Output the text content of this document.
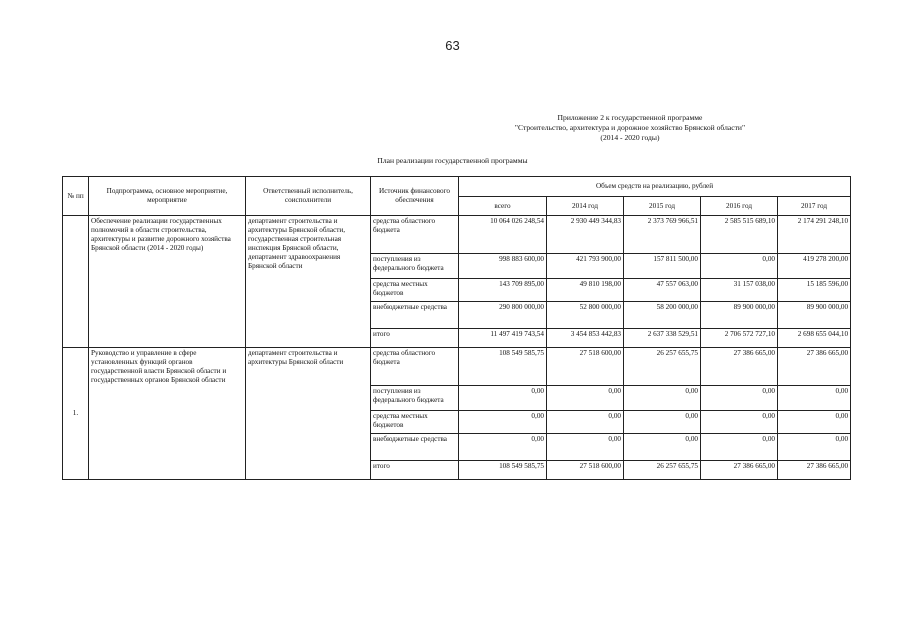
63
Приложение 2 к государственной программе
"Строительство, архитектура и дорожное хозяйство Брянской области"
(2014 - 2020 годы)
План реализации государственной программы
№ пп	Подпрограмма, основное мероприятие, мероприятие	Ответственный исполнитель, соисполнители	Источник финансового обеспечения	Объем средств на реализацию, рублей				
				всего	2014 год	2015 год	2016 год	2017 год
	Обеспечение реализации государственных полномочий в области строительства, архитектуры и развитие дорожного хозяйства Брянской области (2014 - 2020 годы)	департамент строительства и архитектуры Брянской области, государственная строительная инспекция Брянской области, департамент здравоохранения Брянской области	средства областного бюджета	10 064 026 248,54	2 930 449 344,83	2 373 769 966,51	2 585 515 689,10	2 174 291 248,10
			поступления из федерального бюджета	998 883 600,00	421 793 900,00	157 811 500,00	0,00	419 278 200,00
			средства местных бюджетов	143 709 895,00	49 810 198,00	47 557 063,00	31 157 038,00	15 185 596,00
			внебюджетные средства	290 800 000,00	52 800 000,00	58 200 000,00	89 900 000,00	89 900 000,00
			итого	11 497 419 743,54	3 454 853 442,83	2 637 338 529,51	2 706 572 727,10	2 698 655 044,10
1.	Руководство и управление в сфере установленных функций органов государственной власти Брянской области и государственных органов Брянской области	департамент строительства и архитектуры Брянской области	средства областного бюджета	108 549 585,75	27 518 600,00	26 257 655,75	27 386 665,00	27 386 665,00
			поступления из федерального бюджета	0,00	0,00	0,00	0,00	0,00
			средства местных бюджетов	0,00	0,00	0,00	0,00	0,00
			внебюджетные средства	0,00	0,00	0,00	0,00	0,00
			итого	108 549 585,75	27 518 600,00	26 257 655,75	27 386 665,00	27 386 665,00
